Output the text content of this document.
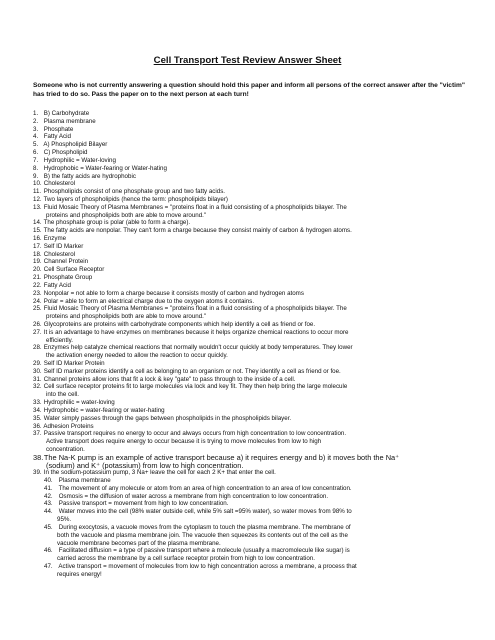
Cell Transport Test Review Answer Sheet
Someone who is not currently answering a question should hold this paper and inform all persons of the correct answer after the "victim" has tried to do so. Pass the paper on to the next person at each turn!
1. B) Carbohydrate
2. Plasma membrane
3. Phosphate
4. Fatty Acid
5. A) Phospholipid Bilayer
6. C) Phospholipid
7. Hydrophilic = Water-loving
8. Hydrophobic = Water-fearing or Water-hating
9. B) the fatty acids are hydrophobic
10. Cholesterol
11. Phospholipids consist of one phosphate group and two fatty acids.
12. Two layers of phospholipids (hence the term: phospholipids bilayer)
13. Fluid Mosaic Theory of Plasma Membranes = "proteins float in a fluid consisting of a phospholipids bilayer. The
proteins and phospholipids both are able to move around."
14. The phosphate group is polar (able to form a charge).
15. The fatty acids are nonpolar. They can't form a charge because they consist mainly of carbon & hydrogen atoms.
16. Enzyme
17. Self ID Marker
18. Cholesterol
19. Channel Protein
20. Cell Surface Receptor
21. Phosphate Group
22. Fatty Acid
23. Nonpolar = not able to form a charge because it consists mostly of carbon and hydrogen atoms
24. Polar = able to form an electrical charge due to the oxygen atoms it contains.
25. Fluid Mosaic Theory of Plasma Membranes = "proteins float in a fluid consisting of a phospholipids bilayer. The
proteins and phospholipids both are able to move around."
26. Glycoproteins are proteins with carbohydrate components which help identify a cell as friend or foe.
27. It is an advantage to have enzymes on membranes because it helps organize chemical reactions to occur more
efficiently.
28. Enzymes help catalyze chemical reactions that normally wouldn't occur quickly at body temperatures. They lower
the activation energy needed to allow the reaction to occur quickly.
29. Self ID Marker Protein
30. Self ID marker proteins identify a cell as belonging to an organism or not. They identify a cell as friend or foe.
31. Channel proteins allow ions that fit a lock & key "gate" to pass through to the inside of a cell.
32. Cell surface receptor proteins fit to large molecules via lock and key fit. They then help bring the large molecule
into the cell.
33. Hydrophilic = water-loving
34. Hydrophobic = water-fearing or water-hating
35. Water simply passes through the gaps between phospholipids in the phospholipids bilayer.
36. Adhesion Proteins
37. Passive transport requires no energy to occur and always occurs from high concentration to low concentration.
Active transport does require energy to occur because it is trying to move molecules from low to high
concentration.
38. The Na-K pump is an example of active transport because a) it requires energy and b) it moves both the Na⁺
(sodium) and K⁺ (potassium) from low to high concentration.
39. In the sodium-potassium pump, 3 Na+ leave the cell for each 2 K+ that enter the cell.
40. Plasma membrane
41. The movement of any molecule or atom from an area of high concentration to an area of low concentration.
42. Osmosis = the diffusion of water across a membrane from high concentration to low concentration.
43. Passive transport = movement from high to low concentration.
44. Water moves into the cell (98% water outside cell, while 5% salt =95% water), so water moves from 98% to
95%.
45. During exocytosis, a vacuole moves from the cytoplasm to touch the plasma membrane. The membrane of
both the vacuole and plasma membrane join. The vacuole then squeezes its contents out of the cell as the
vacuole membrane becomes part of the plasma membrane.
46. Facilitated diffusion = a type of passive transport where a molecule (usually a macromolecule like sugar) is
carried across the membrane by a cell surface receptor protein from high to low concentration.
47. Active transport = movement of molecules from low to high concentration across a membrane, a process that
requires energy!
